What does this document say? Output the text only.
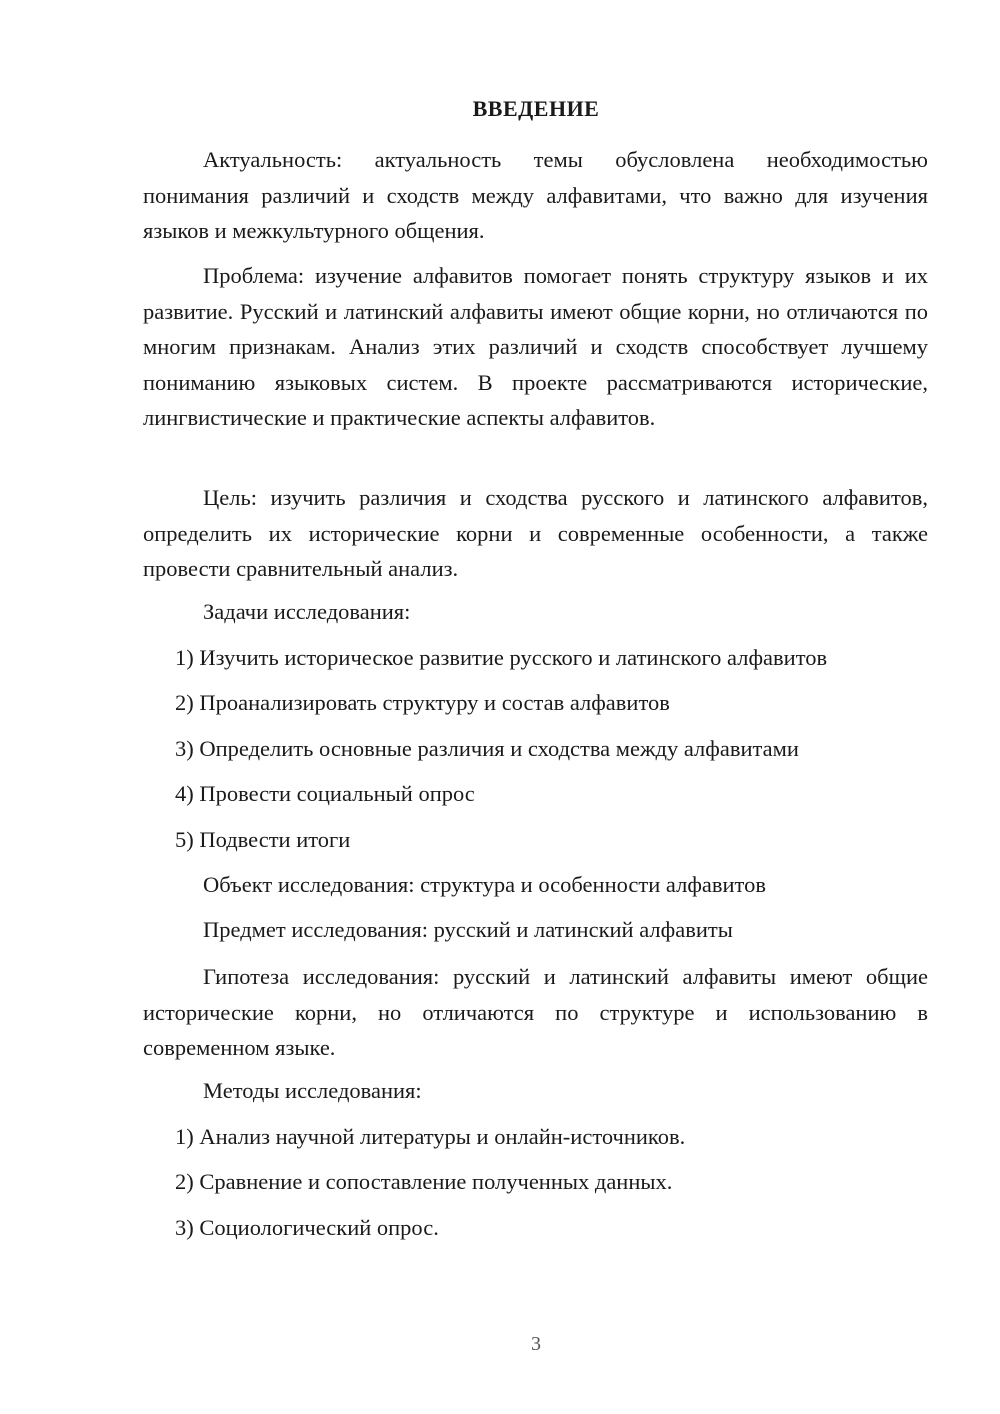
ВВЕДЕНИЕ
Актуальность: актуальность темы обусловлена необходимостью понимания различий и сходств между алфавитами, что важно для изучения языков и межкультурного общения.
Проблема: изучение алфавитов помогает понять структуру языков и их развитие. Русский и латинский алфавиты имеют общие корни, но отличаются по многим признакам. Анализ этих различий и сходств способствует лучшему пониманию языковых систем. В проекте рассматриваются исторические, лингвистические и практические аспекты алфавитов.
Цель: изучить различия и сходства русского и латинского алфавитов, определить их исторические корни и современные особенности, а также провести сравнительный анализ.
Задачи исследования:
1) Изучить историческое развитие русского и латинского алфавитов
2) Проанализировать структуру и состав алфавитов
3) Определить основные различия и сходства между алфавитами
4) Провести социальный опрос
5) Подвести итоги
Объект исследования: структура и особенности алфавитов
Предмет исследования: русский и латинский алфавиты
Гипотеза исследования: русский и латинский алфавиты имеют общие исторические корни, но отличаются по структуре и использованию в современном языке.
Методы исследования:
1) Анализ научной литературы и онлайн-источников.
2) Сравнение и сопоставление полученных данных.
3) Социологический опрос.
3
